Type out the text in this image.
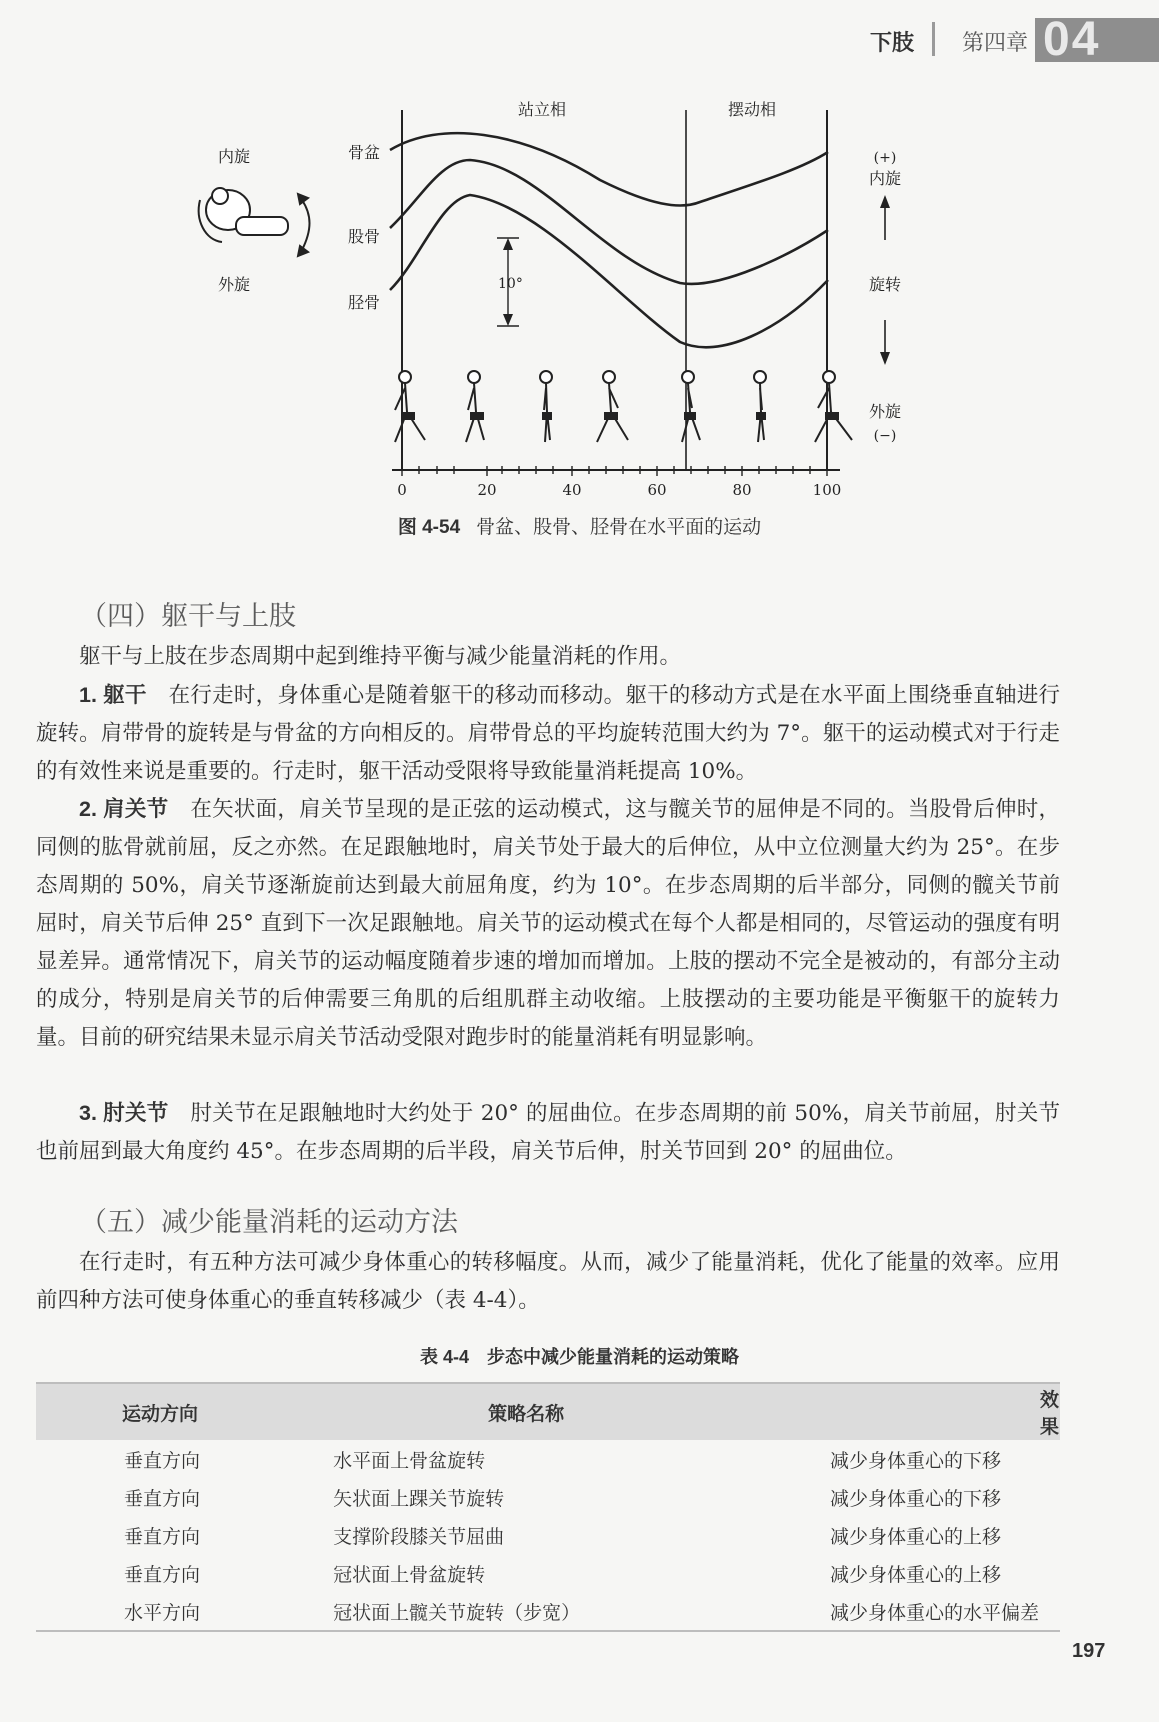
下肢 第四章 04
站立相	摆动相
骨盆
股骨
胫骨
10°
内旋
外旋
(+)
内旋
旋转
外旋
(−)
0	20	40	60	80	100
图 4-54 骨盆、股骨、胫骨在水平面的运动
（四）躯干与上肢

躯干与上肢在步态周期中起到维持平衡与减少能量消耗的作用。

1. 躯干 在行走时，身体重心是随着躯干的移动而移动。躯干的移动方式是在水平面上围绕垂直轴进行旋转。肩带骨的旋转是与骨盆的方向相反的。肩带骨总的平均旋转范围大约为 7°。躯干的运动模式对于行走的有效性来说是重要的。行走时，躯干活动受限将导致能量消耗提高 10%。

2. 肩关节 在矢状面，肩关节呈现的是正弦的运动模式，这与髋关节的屈伸是不同的。当股骨后伸时，同侧的肱骨就前屈，反之亦然。在足跟触地时，肩关节处于最大的后伸位，从中立位测量大约为 25°。在步态周期的 50%，肩关节逐渐旋前达到最大前屈角度，约为 10°。在步态周期的后半部分，同侧的髋关节前屈时，肩关节后伸 25° 直到下一次足跟触地。肩关节的运动模式在每个人都是相同的，尽管运动的强度有明显差异。通常情况下，肩关节的运动幅度随着步速的增加而增加。上肢的摆动不完全是被动的，有部分主动的成分，特别是肩关节的后伸需要三角肌的后组肌群主动收缩。上肢摆动的主要功能是平衡躯干的旋转力量。目前的研究结果未显示肩关节活动受限对跑步时的能量消耗有明显影响。

3. 肘关节 肘关节在足跟触地时大约处于 20° 的屈曲位。在步态周期的前 50%，肩关节前屈，肘关节也前屈到最大角度约 45°。在步态周期的后半段，肩关节后伸，肘关节回到 20° 的屈曲位。

（五）减少能量消耗的运动方法

在行走时，有五种方法可减少身体重心的转移幅度。从而，减少了能量消耗，优化了能量的效率。应用前四种方法可使身体重心的垂直转移减少（表 4-4）。

表 4-4　步态中减少能量消耗的运动策略
运动方向	策略名称	效果
垂直方向	水平面上骨盆旋转	减少身体重心的下移
垂直方向	矢状面上踝关节旋转	减少身体重心的下移
垂直方向	支撑阶段膝关节屈曲	减少身体重心的上移
垂直方向	冠状面上骨盆旋转	减少身体重心的上移
水平方向	冠状面上髋关节旋转（步宽）	减少身体重心的水平偏差
197
